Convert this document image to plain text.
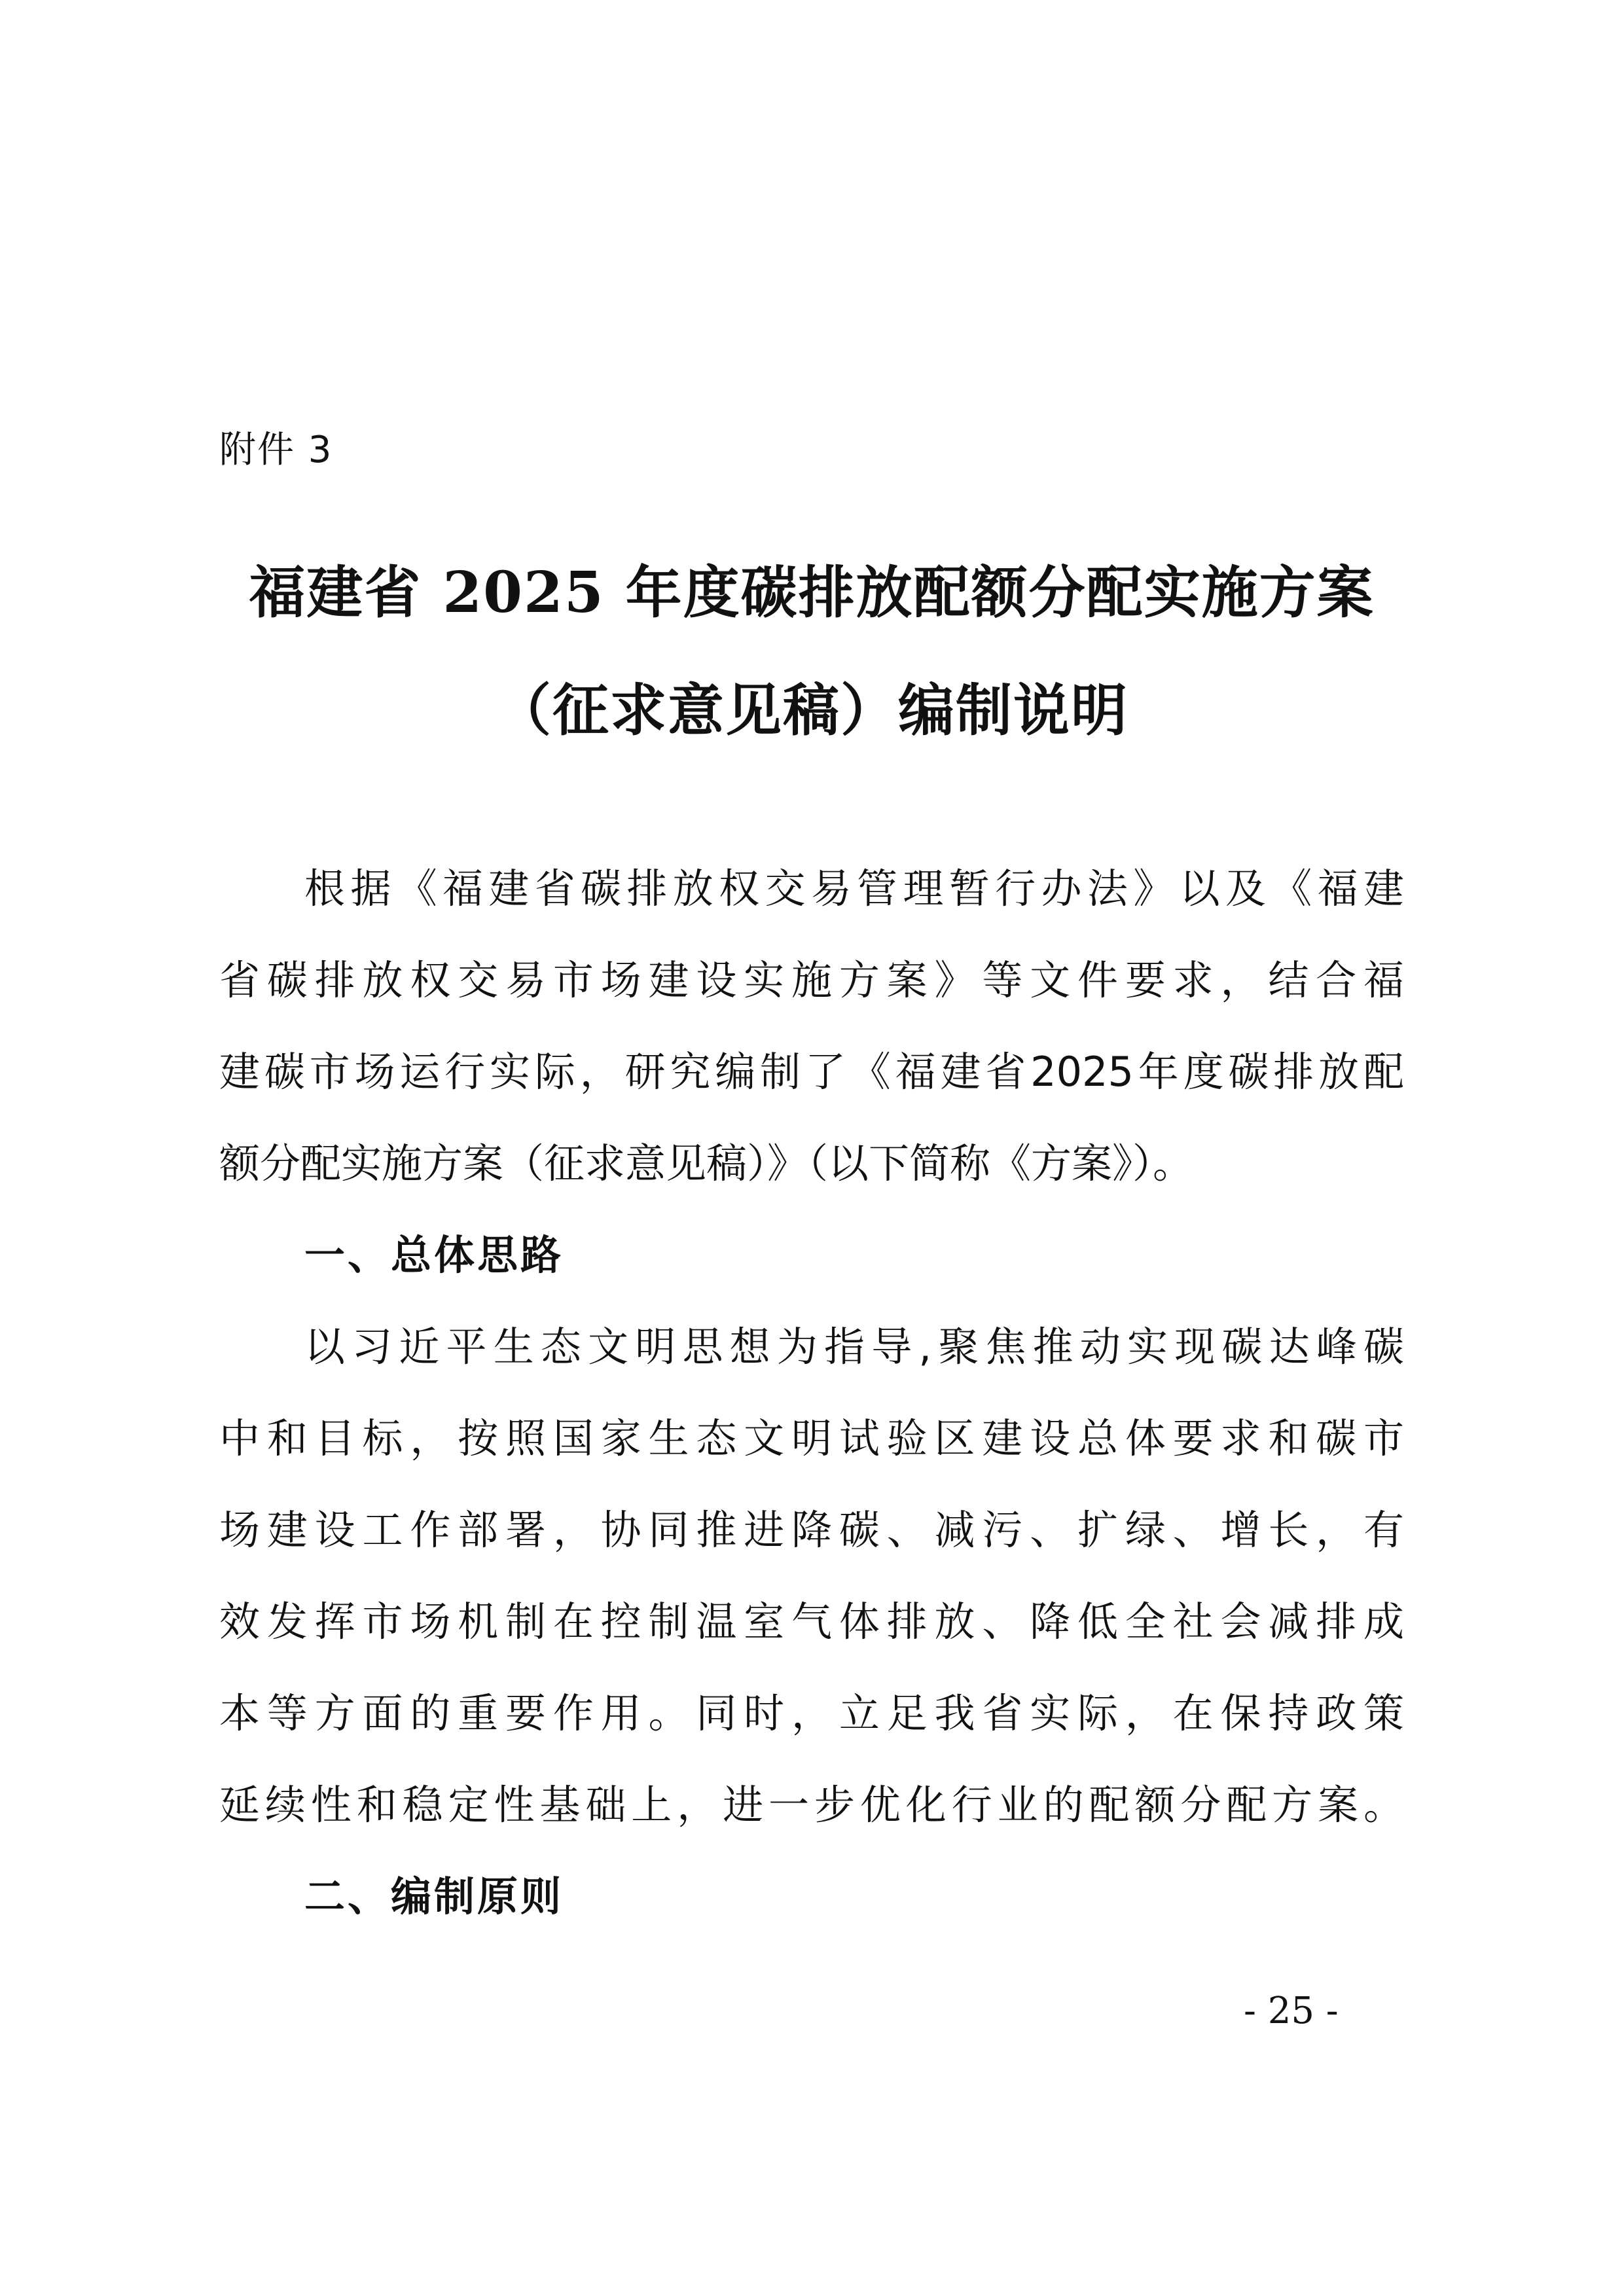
附件 3
福建省 2025 年度碳排放配额分配实施方案
（征求意见稿）编制说明
根据《福建省碳排放权交易管理暂行办法》以及《福建
省碳排放权交易市场建设实施方案》等文件要求，结合福
建碳市场运行实际，研究编制了《福建省2025年度碳排放配
额分配实施方案（征求意见稿）》（以下简称《方案》）。
一、总体思路
以习近平生态文明思想为指导,聚焦推动实现碳达峰碳
中和目标，按照国家生态文明试验区建设总体要求和碳市
场建设工作部署，协同推进降碳、减污、扩绿、增长，有
效发挥市场机制在控制温室气体排放、降低全社会减排成
本等方面的重要作用。同时，立足我省实际，在保持政策
延续性和稳定性基础上，进一步优化行业的配额分配方案。
二、编制原则
- 25 -
